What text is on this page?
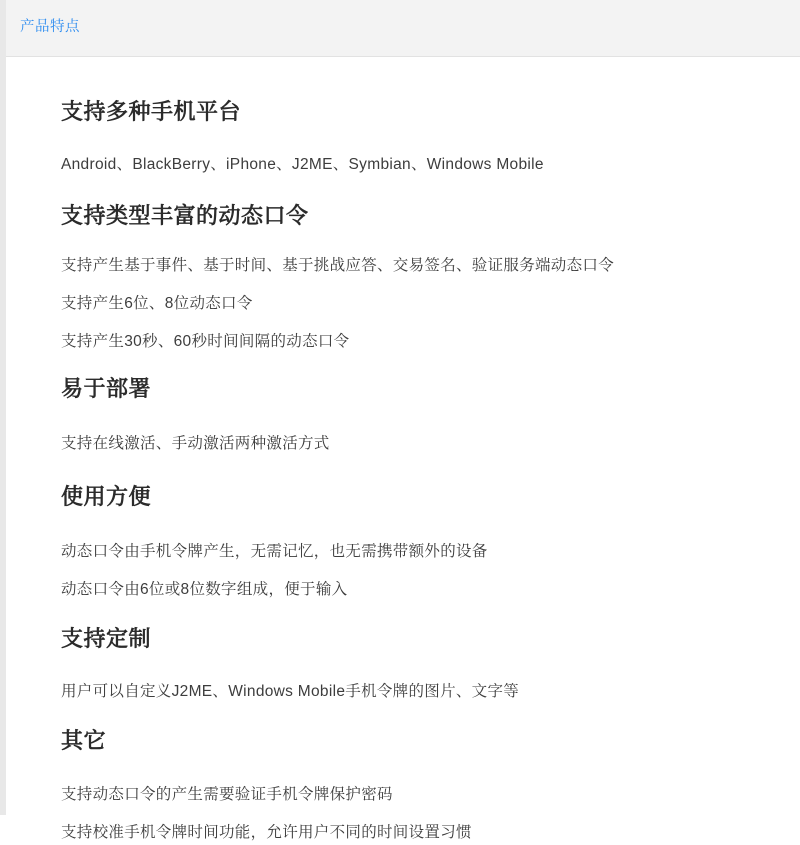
产品特点
支持多种手机平台

Android、BlackBerry、iPhone、J2ME、Symbian、Windows Mobile

支持类型丰富的动态口令

支持产生基于事件、基于时间、基于挑战应答、交易签名、验证服务端动态口令

支持产生6位、8位动态口令

支持产生30秒、60秒时间间隔的动态口令

易于部署

支持在线激活、手动激活两种激活方式

使用方便

动态口令由手机令牌产生，无需记忆，也无需携带额外的设备

动态口令由6位或8位数字组成，便于输入

支持定制

用户可以自定义J2ME、Windows Mobile手机令牌的图片、文字等

其它

支持动态口令的产生需要验证手机令牌保护密码

支持校准手机令牌时间功能，允许用户不同的时间设置习惯
